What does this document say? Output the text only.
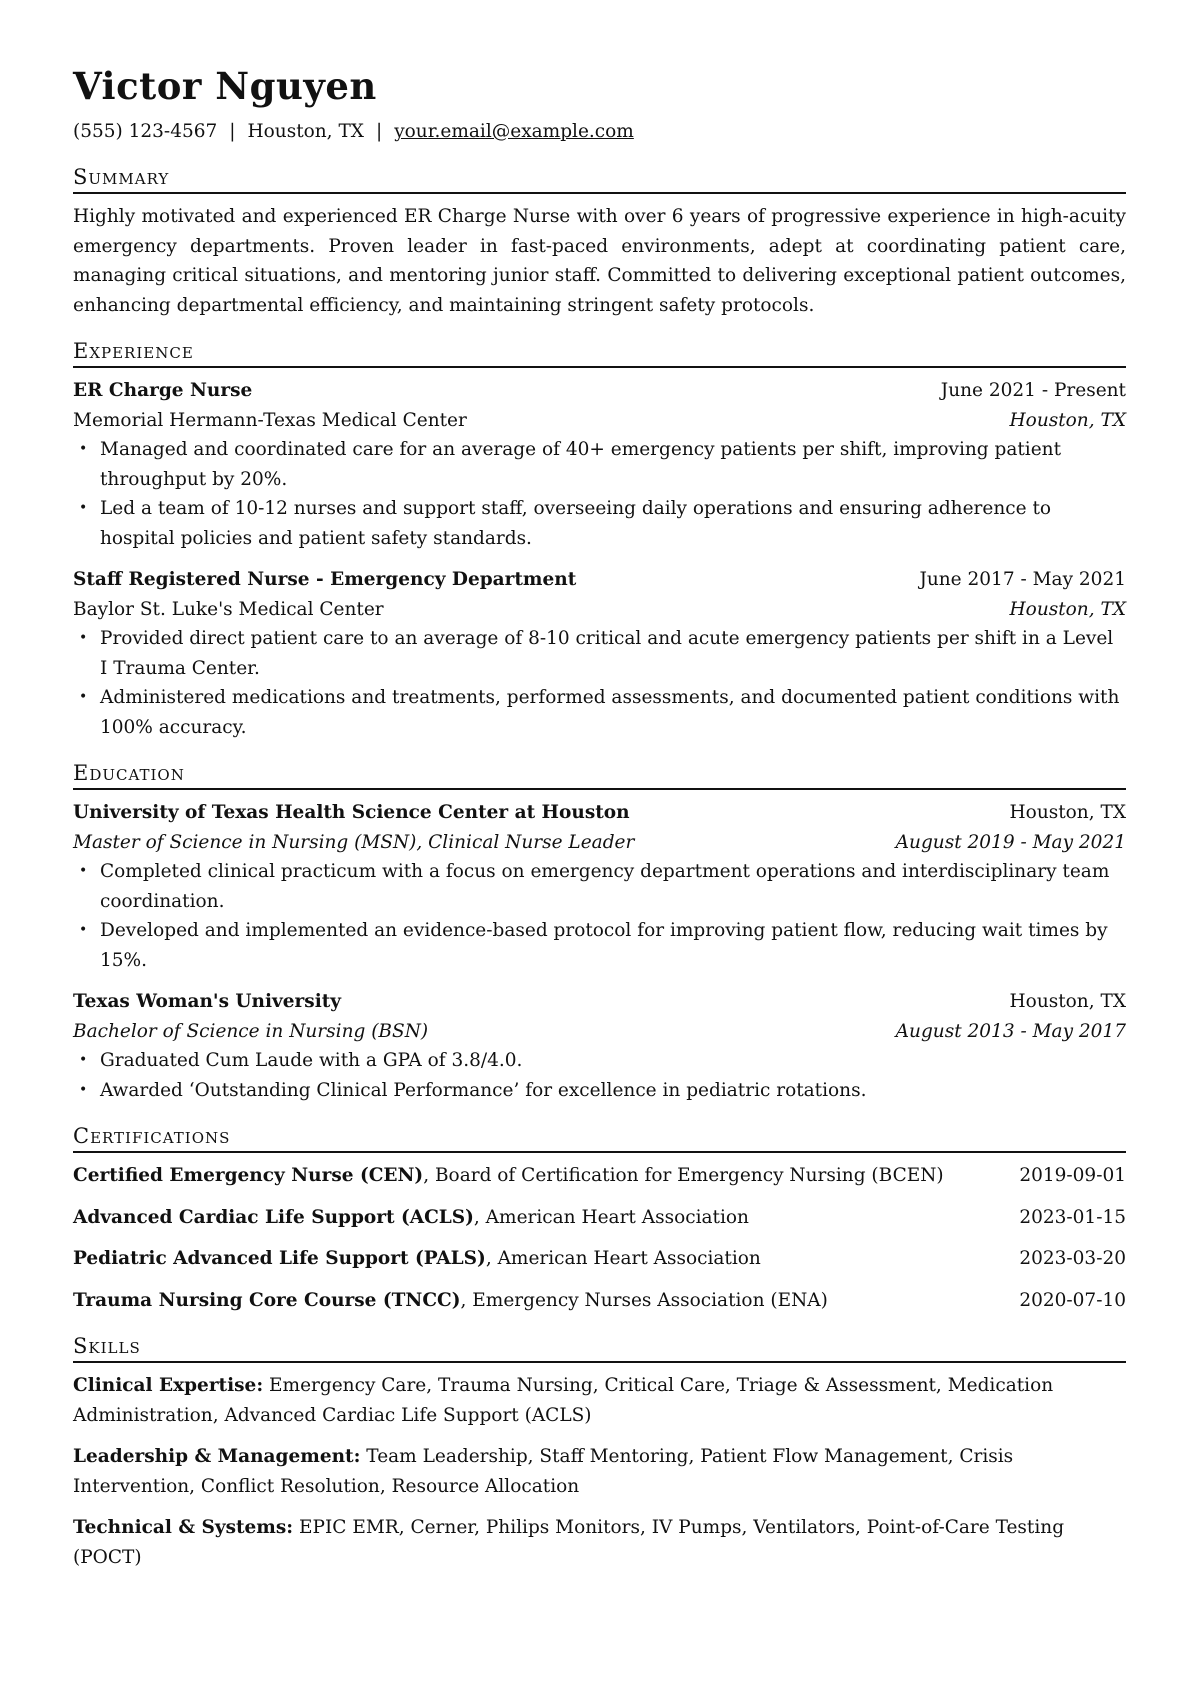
Victor Nguyen
(555) 123-4567 | Houston, TX | your.email@example.com
Summary
Highly motivated and experienced ER Charge Nurse with over 6 years of progressive experience in high-acuity emergency departments. Proven leader in fast-paced environments, adept at coordinating patient care, managing critical situations, and mentoring junior staff. Committed to delivering exceptional patient outcomes, enhancing departmental efficiency, and maintaining stringent safety protocols.
Experience
ER Charge Nurse	June 2021 - Present
Memorial Hermann-Texas Medical Center	Houston, TX
• Managed and coordinated care for an average of 40+ emergency patients per shift, improving patient throughput by 20%.
• Led a team of 10-12 nurses and support staff, overseeing daily operations and ensuring adherence to hospital policies and patient safety standards.
Staff Registered Nurse - Emergency Department	June 2017 - May 2021
Baylor St. Luke's Medical Center	Houston, TX
• Provided direct patient care to an average of 8-10 critical and acute emergency patients per shift in a Level I Trauma Center.
• Administered medications and treatments, performed assessments, and documented patient conditions with 100% accuracy.
Education
University of Texas Health Science Center at Houston	Houston, TX
Master of Science in Nursing (MSN), Clinical Nurse Leader	August 2019 - May 2021
• Completed clinical practicum with a focus on emergency department operations and interdisciplinary team coordination.
• Developed and implemented an evidence-based protocol for improving patient flow, reducing wait times by 15%.
Texas Woman's University	Houston, TX
Bachelor of Science in Nursing (BSN)	August 2013 - May 2017
• Graduated Cum Laude with a GPA of 3.8/4.0.
• Awarded ‘Outstanding Clinical Performance’ for excellence in pediatric rotations.
Certifications
Certified Emergency Nurse (CEN), Board of Certification for Emergency Nursing (BCEN)	2019-09-01
Advanced Cardiac Life Support (ACLS), American Heart Association	2023-01-15
Pediatric Advanced Life Support (PALS), American Heart Association	2023-03-20
Trauma Nursing Core Course (TNCC), Emergency Nurses Association (ENA)	2020-07-10
Skills
Clinical Expertise: Emergency Care, Trauma Nursing, Critical Care, Triage & Assessment, Medication Administration, Advanced Cardiac Life Support (ACLS)
Leadership & Management: Team Leadership, Staff Mentoring, Patient Flow Management, Crisis Intervention, Conflict Resolution, Resource Allocation
Technical & Systems: EPIC EMR, Cerner, Philips Monitors, IV Pumps, Ventilators, Point-of-Care Testing (POCT)
